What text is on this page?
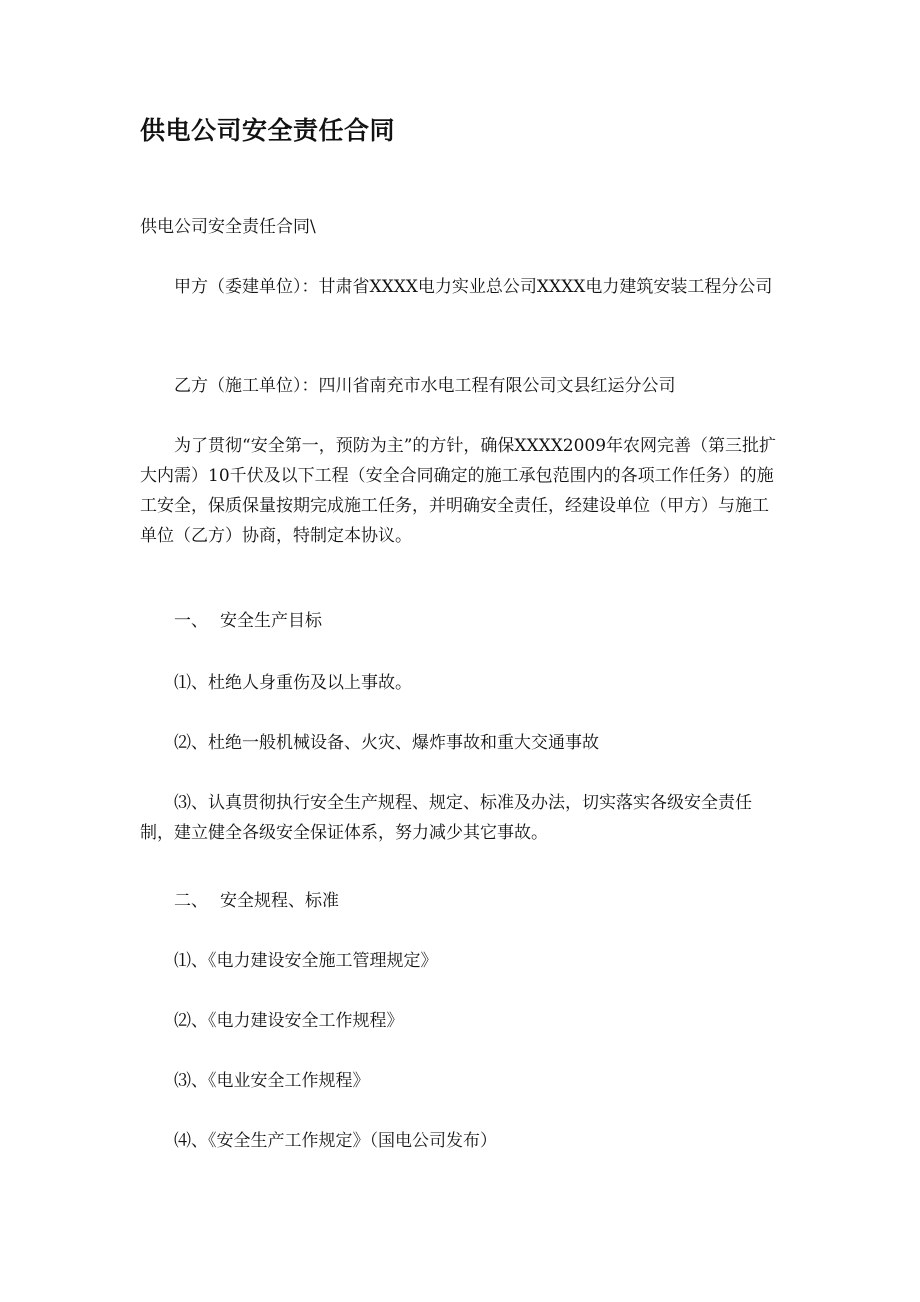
供电公司安全责任合同

供电公司安全责任合同\

甲方（委建单位）：甘肃省XXXX电力实业总公司XXXX电力建筑安装工程分公司

乙方（施工单位）：四川省南充市水电工程有限公司文县红运分公司

为了贯彻“安全第一，预防为主”的方针，确保XXXX2009年农网完善（第三批扩大内需）10千伏及以下工程（安全合同确定的施工承包范围内的各项工作任务）的施工安全，保质保量按期完成施工任务，并明确安全责任，经建设单位（甲方）与施工单位（乙方）协商，特制定本协议。

一、 安全生产目标

⑴、杜绝人身重伤及以上事故。

⑵、杜绝一般机械设备、火灾、爆炸事故和重大交通事故

⑶、认真贯彻执行安全生产规程、规定、标准及办法，切实落实各级安全责任制，建立健全各级安全保证体系，努力减少其它事故。

二、 安全规程、标准

⑴、《电力建设安全施工管理规定》

⑵、《电力建设安全工作规程》

⑶、《电业安全工作规程》

⑷、《安全生产工作规定》（国电公司发布）
